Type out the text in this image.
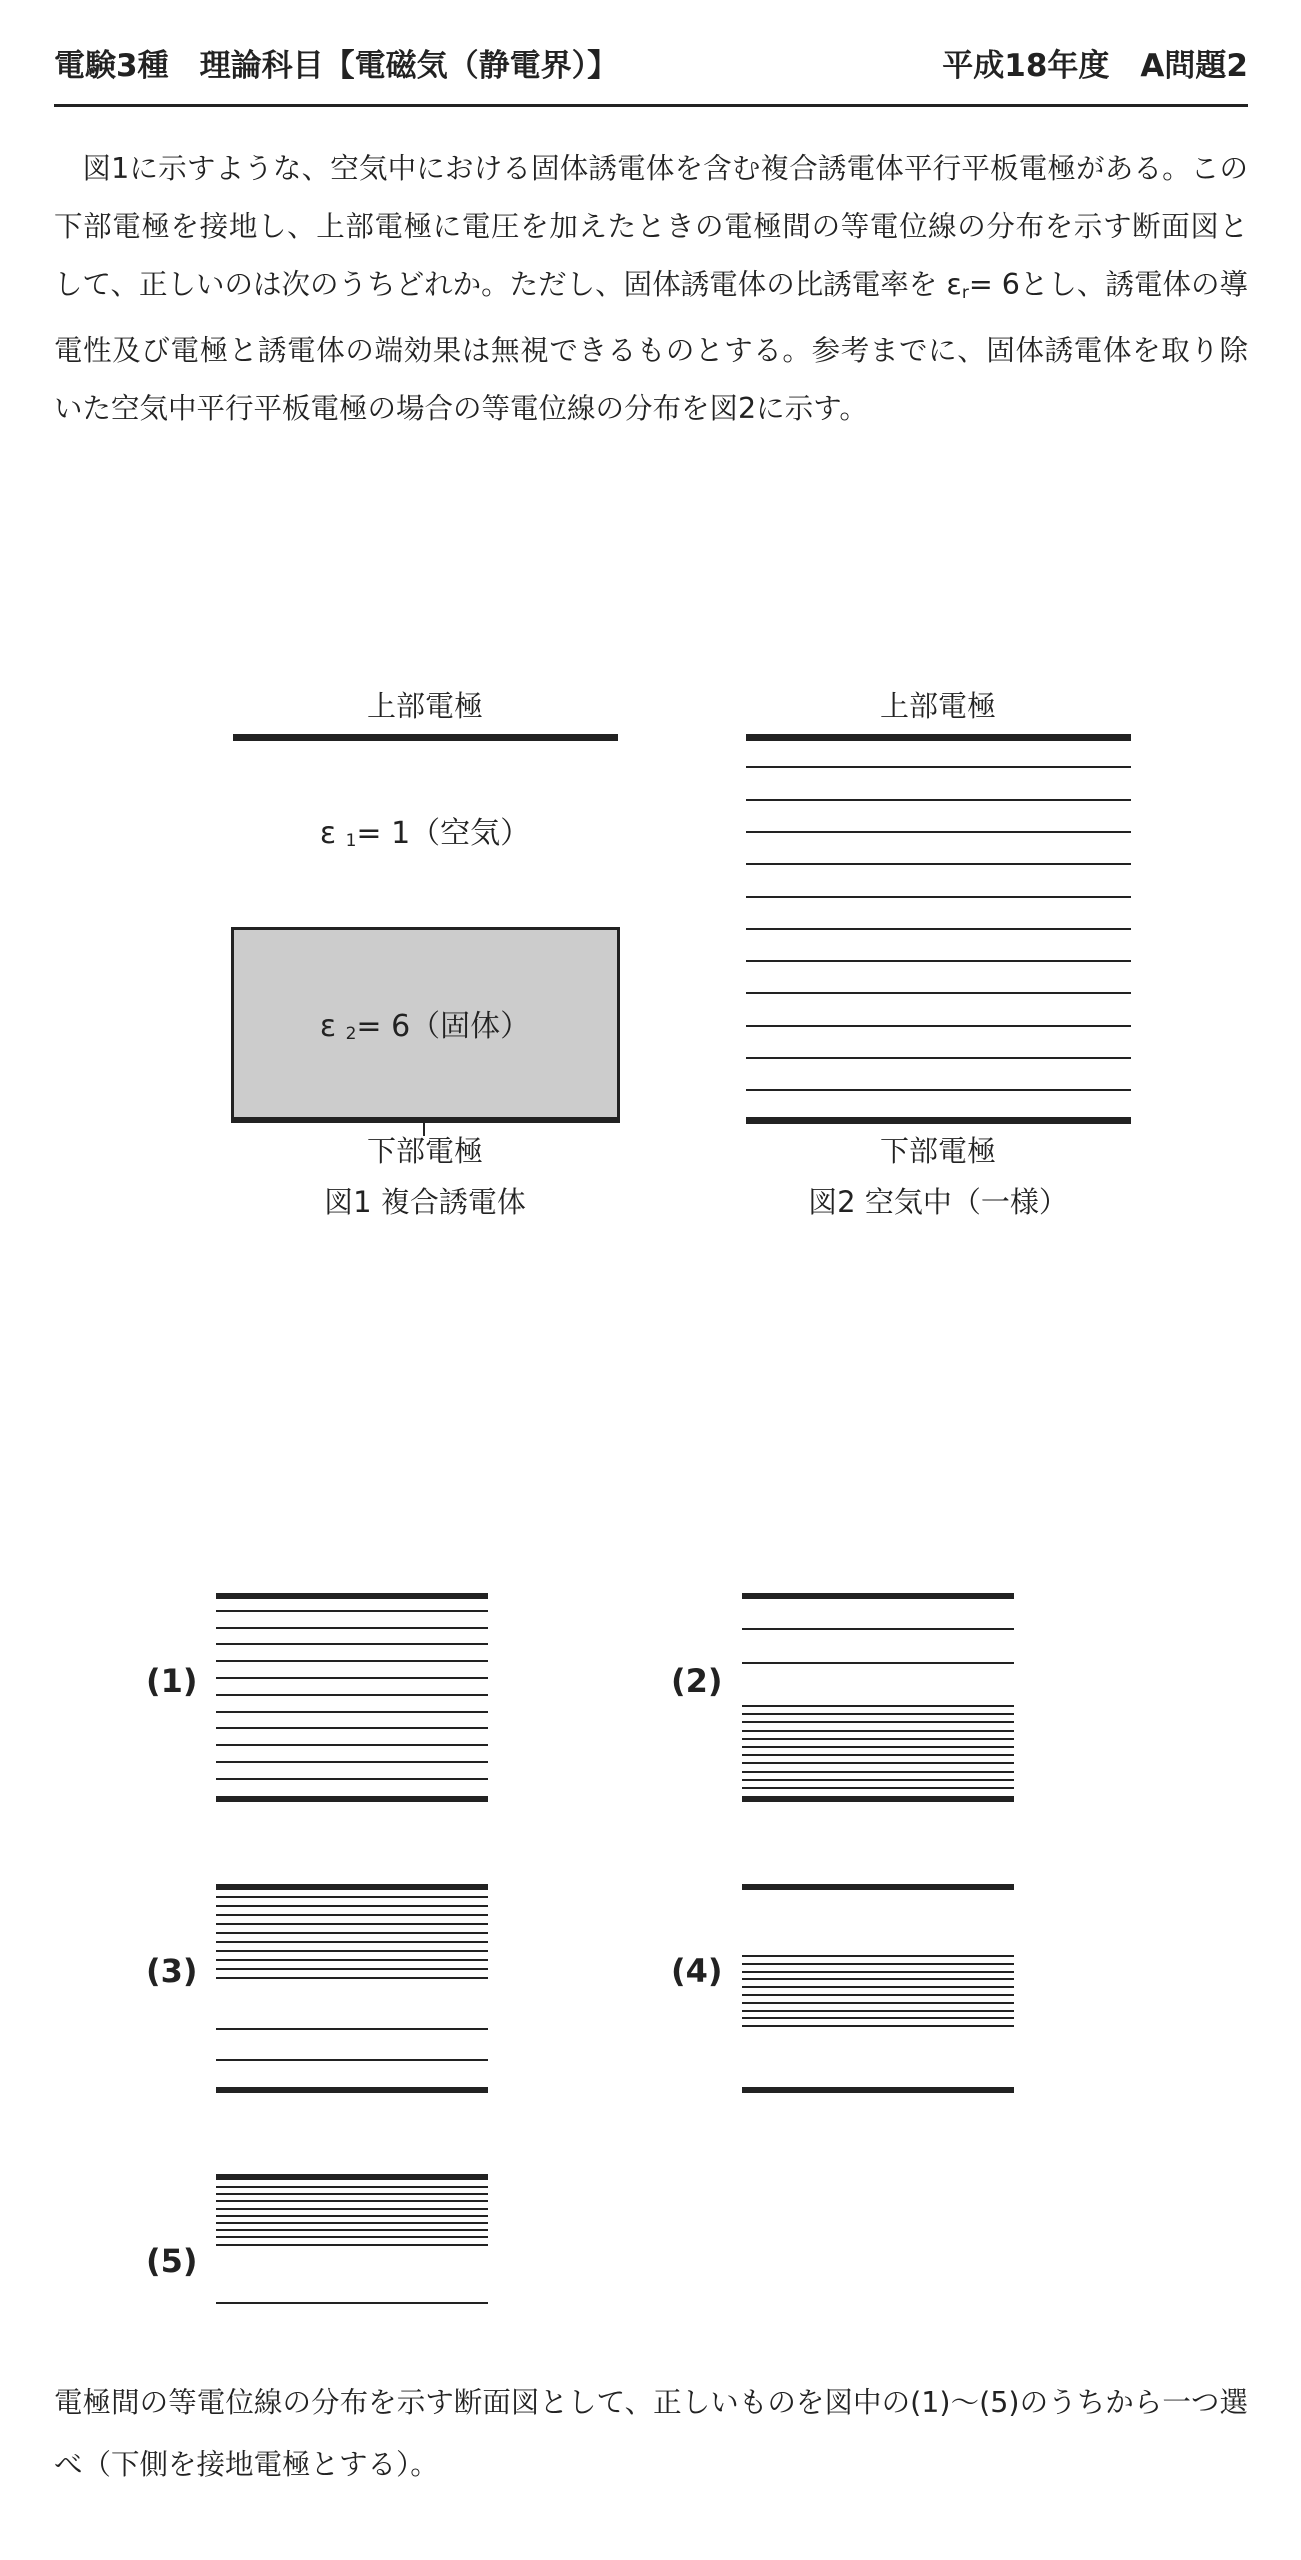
電験3種　理論科目【電磁気（静電界）】	平成18年度　A問題2

図1に示すような、空気中における固体誘電体を含む複合誘電体平行平板電極がある。この下部電極を接地し、上部電極に電圧を加えたときの電極間の等電位線の分布を示す断面図として、正しいのは次のうちどれか。ただし、固体誘電体の比誘電率を $\varepsilon_r= 6$とし、誘電体の導電性及び電極と誘電体の端効果は無視できるものとする。参考までに、固体誘電体を取り除いた空気中平行平板電極の場合の等電位線の分布を図2に示す。

上部電極
ε 1= 1（空気）
ε 2= 6（固体）
下部電極
図1 複合誘電体
上部電極
下部電極
図2 空気中（一様）
(1)	(2)
(3)	(4)
(5)

電極間の等電位線の分布を示す断面図として、正しいものを図中の(1)〜(5)のうちから一つ選べ（下側を接地電極とする）。
